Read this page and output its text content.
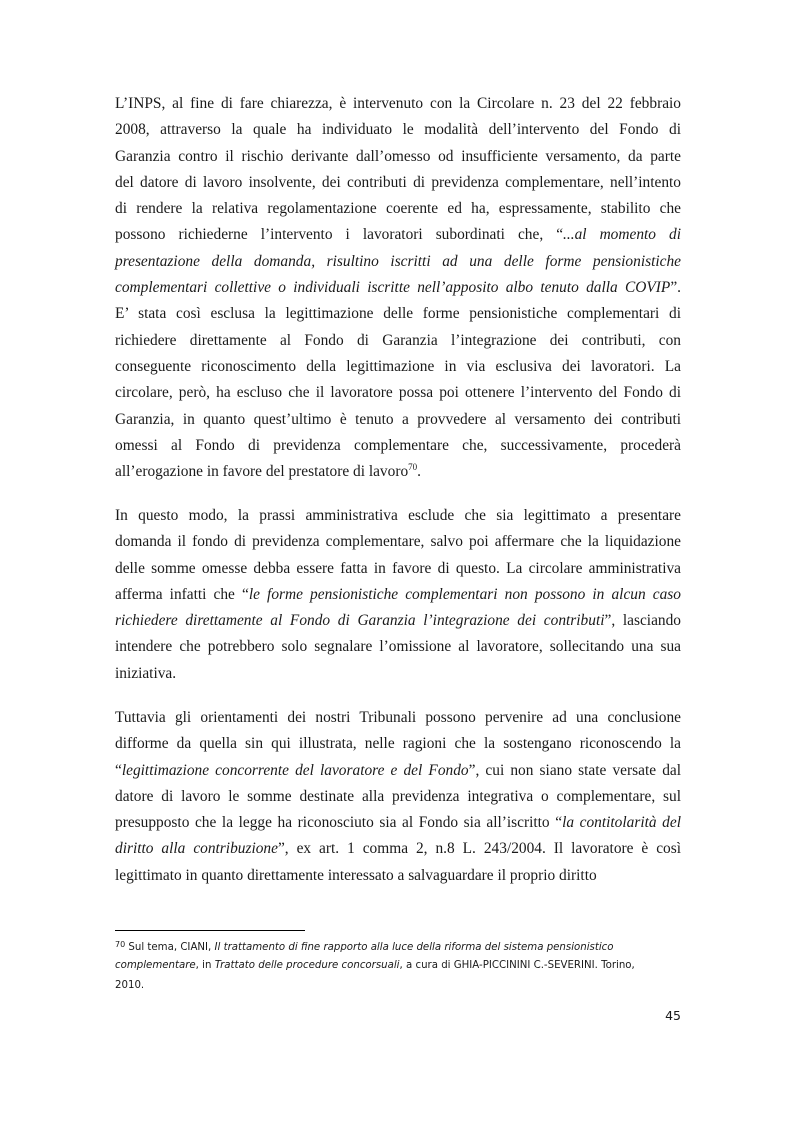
L’INPS, al fine di fare chiarezza, è intervenuto con la Circolare n. 23 del 22 febbraio
2008, attraverso la quale ha individuato le modalità dell’intervento del Fondo di
Garanzia contro il rischio derivante dall’omesso od insufficiente versamento, da parte
del datore di lavoro insolvente, dei contributi di previdenza complementare, nell’intento
di rendere la relativa regolamentazione coerente ed ha, espressamente, stabilito che
possono richiederne l’intervento i lavoratori subordinati che, “...al momento di
presentazione della domanda, risultino iscritti ad una delle forme pensionistiche
complementari collettive o individuali iscritte nell’apposito albo tenuto dalla COVIP”.
E’ stata così esclusa la legittimazione delle forme pensionistiche complementari di
richiedere direttamente al Fondo di Garanzia l’integrazione dei contributi, con
conseguente riconoscimento della legittimazione in via esclusiva dei lavoratori. La
circolare, però, ha escluso che il lavoratore possa poi ottenere l’intervento del Fondo di
Garanzia, in quanto quest’ultimo è tenuto a provvedere al versamento dei contributi
omessi al Fondo di previdenza complementare che, successivamente, procederà
all’erogazione in favore del prestatore di lavoro$^{70}$.

In questo modo, la prassi amministrativa esclude che sia legittimato a presentare
domanda il fondo di previdenza complementare, salvo poi affermare che la liquidazione
delle somme omesse debba essere fatta in favore di questo. La circolare amministrativa
afferma infatti che “le forme pensionistiche complementari non possono in alcun caso
richiedere direttamente al Fondo di Garanzia l’integrazione dei contributi”, lasciando
intendere che potrebbero solo segnalare l’omissione al lavoratore, sollecitando una sua
iniziativa.

Tuttavia gli orientamenti dei nostri Tribunali possono pervenire ad una conclusione
difforme da quella sin qui illustrata, nelle ragioni che la sostengano riconoscendo la
“legittimazione concorrente del lavoratore e del Fondo”, cui non siano state versate dal
datore di lavoro le somme destinate alla previdenza integrativa o complementare, sul
presupposto che la legge ha riconosciuto sia al Fondo sia all’iscritto “la contitolarità del
diritto alla contribuzione”, ex art. 1 comma 2, n.8 L. 243/2004. Il lavoratore è così
legittimato in quanto direttamente interessato a salvaguardare il proprio diritto

$^{70}$ Sul tema, CIANI, Il trattamento di fine rapporto alla luce della riforma del sistema pensionistico
complementare, in Trattato delle procedure concorsuali, a cura di GHIA-PICCININI C.-SEVERINI. Torino,
2010.
45
